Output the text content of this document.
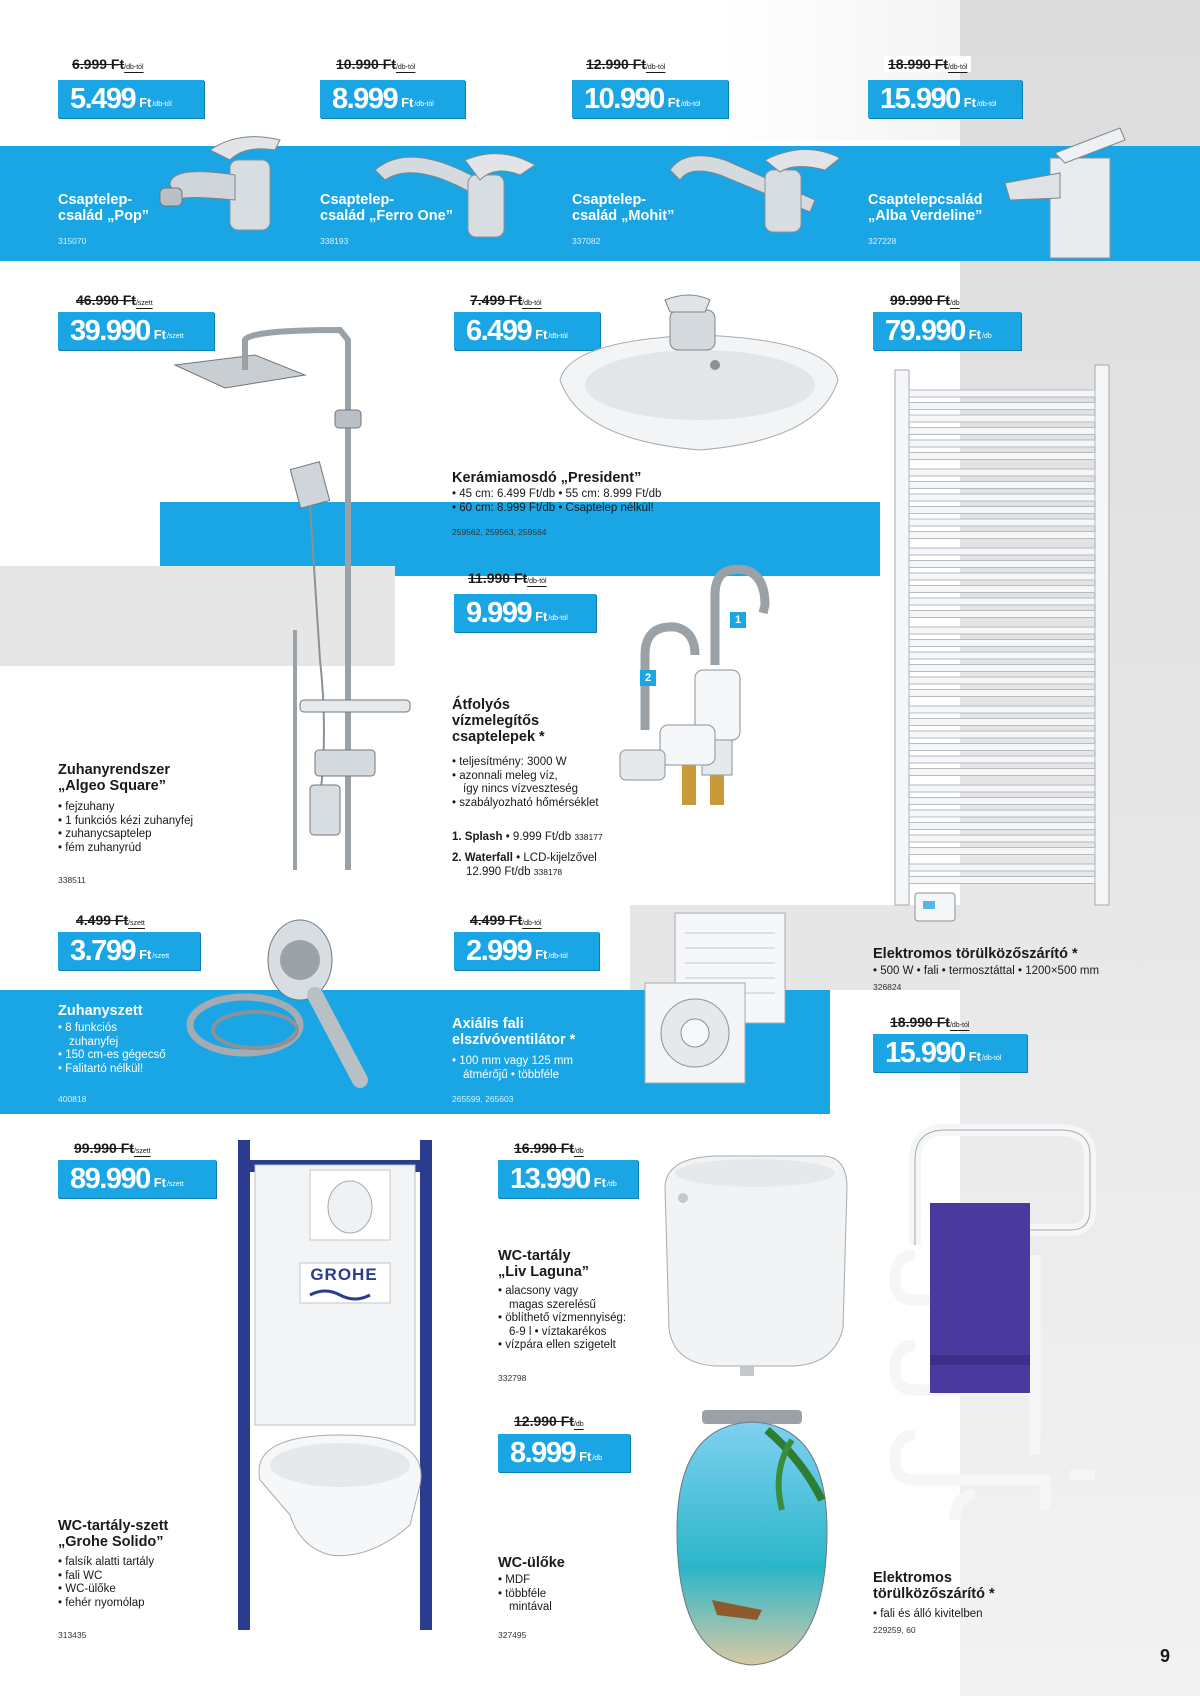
6.999 Ft/db-tól
5.499 Ft /db-tól
Csaptelep-
család „Pop”
315070
10.990 Ft/db-tól
8.999 Ft /db-tól
Csaptelep-
család „Ferro One”
338193
12.990 Ft/db-tól
10.990 Ft /db-tól
Csaptelep-
család „Mohit”
337082
18.990 Ft/db-tól
15.990 Ft /db-tól
Csaptelepcsalád
„Alba Verdeline”
327228
46.990 Ft/szett
39.990 Ft /szett
Zuhanyrendszer
„Algeo Square”
• fejzuhany
• 1 funkciós kézi zuhanyfej
• zuhanycsaptelep
• fém zuhanyrúd
338511
7.499 Ft/db-tól
6.499 Ft /db-tól
Kerámiamosdó „President”
• 45 cm: 6.499 Ft/db • 55 cm: 8.999 Ft/db
• 60 cm: 8.999 Ft/db • Csaptelep nélkül!
259562, 259563, 259564
99.990 Ft/db
79.990 Ft /db
Elektromos törülközőszárító *
• 500 W • fali • termosztáttal • 1200×500 mm
326824
11.990 Ft/db-tól
9.999 Ft /db-tól	1
2
Átfolyós
vízmelegítős
csaptelepek *
• teljesítmény: 3000 W
• azonnali meleg víz,
így nincs vízveszteség
• szabályozható hőmérséklet
1. Splash • 9.999 Ft/db 338177
2. Waterfall • LCD-kijelzővel
12.990 Ft/db 338178
4.499 Ft/szett
3.799 Ft /szett
Zuhanyszett
• 8 funkciós
zuhanyfej
• 150 cm-es gégecső
• Falitartó nélkül!
400818
4.499 Ft/db-tól
2.999 Ft /db-tól
Axiális fali
elszívóventilátor *
• 100 mm vagy 125 mm
átmérőjű • többféle
265599, 265603
18.990 Ft/db-tól
15.990 Ft /db-tól
99.990 Ft/szett
89.990 Ft /szett
GROHE
WC-tartály-szett
„Grohe Solido”
• falsík alatti tartály
• fali WC
• WC-ülőke
• fehér nyomólap
313435
16.990 Ft/db
13.990 Ft /db
WC-tartály
„Liv Laguna”
• alacsony vagy
magas szerelésű
• öblíthető vízmennyiség:
6-9 l • víztakarékos
• vízpára ellen szigetelt
332798
12.990 Ft/db
8.999 Ft /db
WC-ülőke
• MDF
• többféle
mintával
327495
Elektromos
törülközőszárító *
• fali és álló kivitelben
229259, 60
9
